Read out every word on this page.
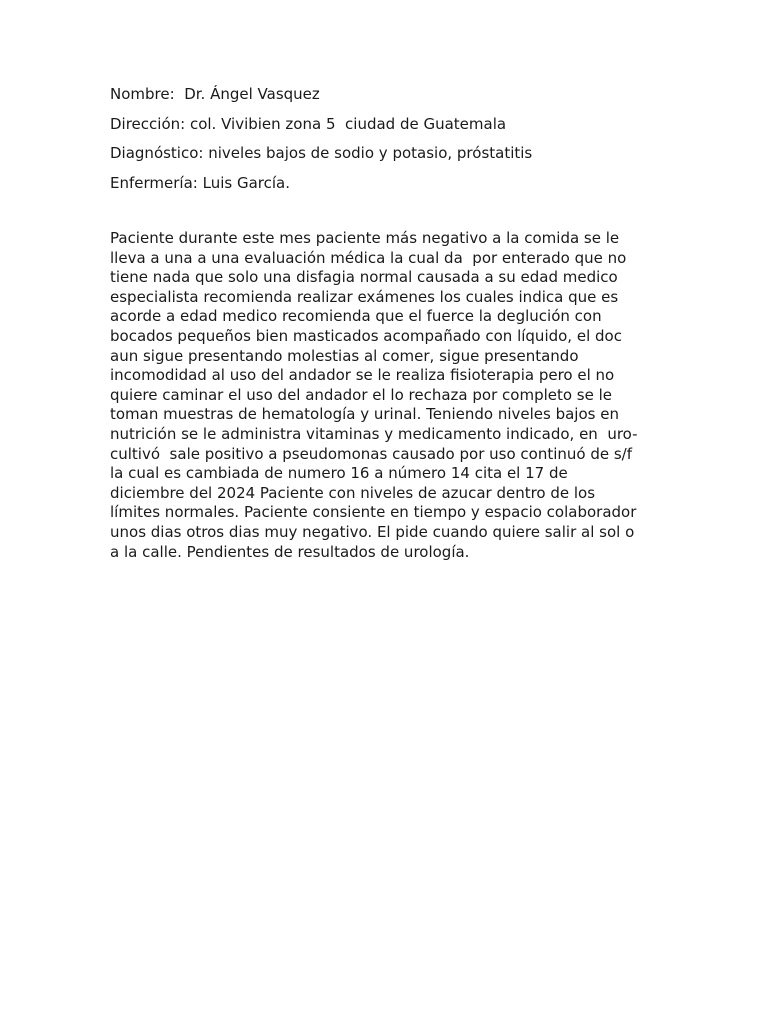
Nombre: Dr. Ángel Vasquez
Dirección: col. Vivibien zona 5  ciudad de Guatemala
Diagnóstico: niveles bajos de sodio y potasio, próstatitis
Enfermería: Luis García.
Paciente durante este mes paciente más negativo a la comida se le
lleva a una a una evaluación médica la cual da  por enterado que no
tiene nada que solo una disfagia normal causada a su edad medico
especialista recomienda realizar exámenes los cuales indica que es
acorde a edad medico recomienda que el fuerce la deglución con
bocados pequeños bien masticados acompañado con líquido, el doc
aun sigue presentando molestias al comer, sigue presentando
incomodidad al uso del andador se le realiza fisioterapia pero el no
quiere caminar el uso del andador el lo rechaza por completo se le
toman muestras de hematología y urinal. Teniendo niveles bajos en
nutrición se le administra vitaminas y medicamento indicado, en  uro-
cultivó  sale positivo a pseudomonas causado por uso continuó de s/f
la cual es cambiada de numero 16 a número 14 cita el 17 de
diciembre del 2024 Paciente con niveles de azucar dentro de los
límites normales. Paciente consiente en tiempo y espacio colaborador
unos dias otros dias muy negativo. El pide cuando quiere salir al sol o
a la calle. Pendientes de resultados de urología.
